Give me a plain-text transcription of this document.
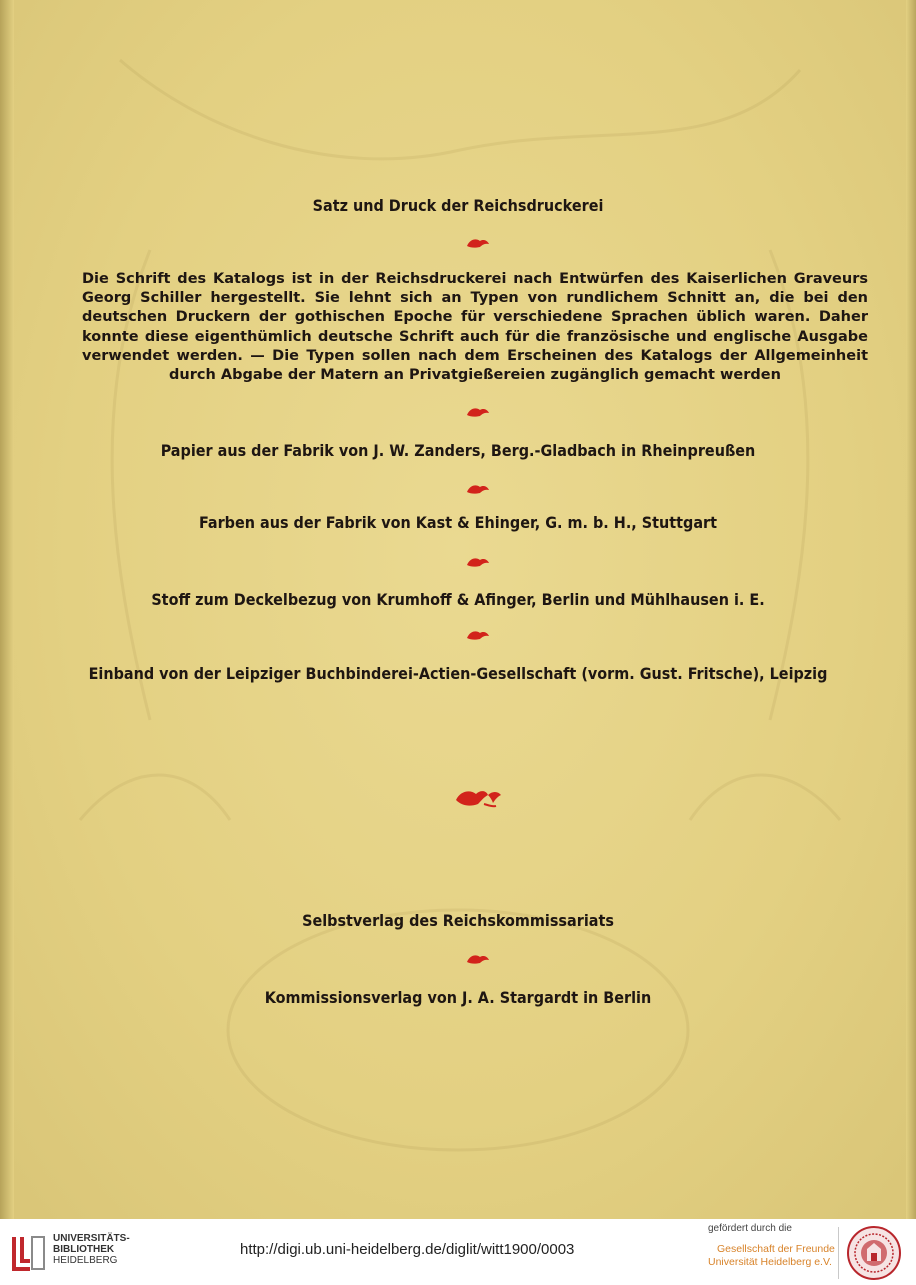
Satz und Druck der Reichsdruckerei
Die Schrift des Katalogs ist in der Reichsdruckerei nach Entwürfen des Kaiserlichen Graveurs Georg Schiller hergestellt. Sie lehnt sich an Typen von rundlichem Schnitt an, die bei den deutschen Druckern der gothischen Epoche für verschiedene Sprachen üblich waren. Daher konnte diese eigenthümlich deutsche Schrift auch für die französische und englische Ausgabe verwendet werden. — Die Typen sollen nach dem Erscheinen des Katalogs der Allgemeinheit durch Abgabe der Matern an Privatgießereien zugänglich gemacht werden
Papier aus der Fabrik von J. W. Zanders, Berg.-Gladbach in Rheinpreußen
Farben aus der Fabrik von Kast & Ehinger, G. m. b. H., Stuttgart
Stoff zum Deckelbezug von Krumhoff & Afinger, Berlin und Mühlhausen i. E.
Einband von der Leipziger Buchbinderei-Actien-Gesellschaft (vorm. Gust. Fritsche), Leipzig
Selbstverlag des Reichskommissariats
Kommissionsverlag von J. A. Stargardt in Berlin
UNIVERSITÄTS-
BIBLIOTHEK
HEIDELBERG
http://digi.ub.uni-heidelberg.de/diglit/witt1900/0003
gefördert durch die
Gesellschaft der Freunde
Universität Heidelberg e.V.
